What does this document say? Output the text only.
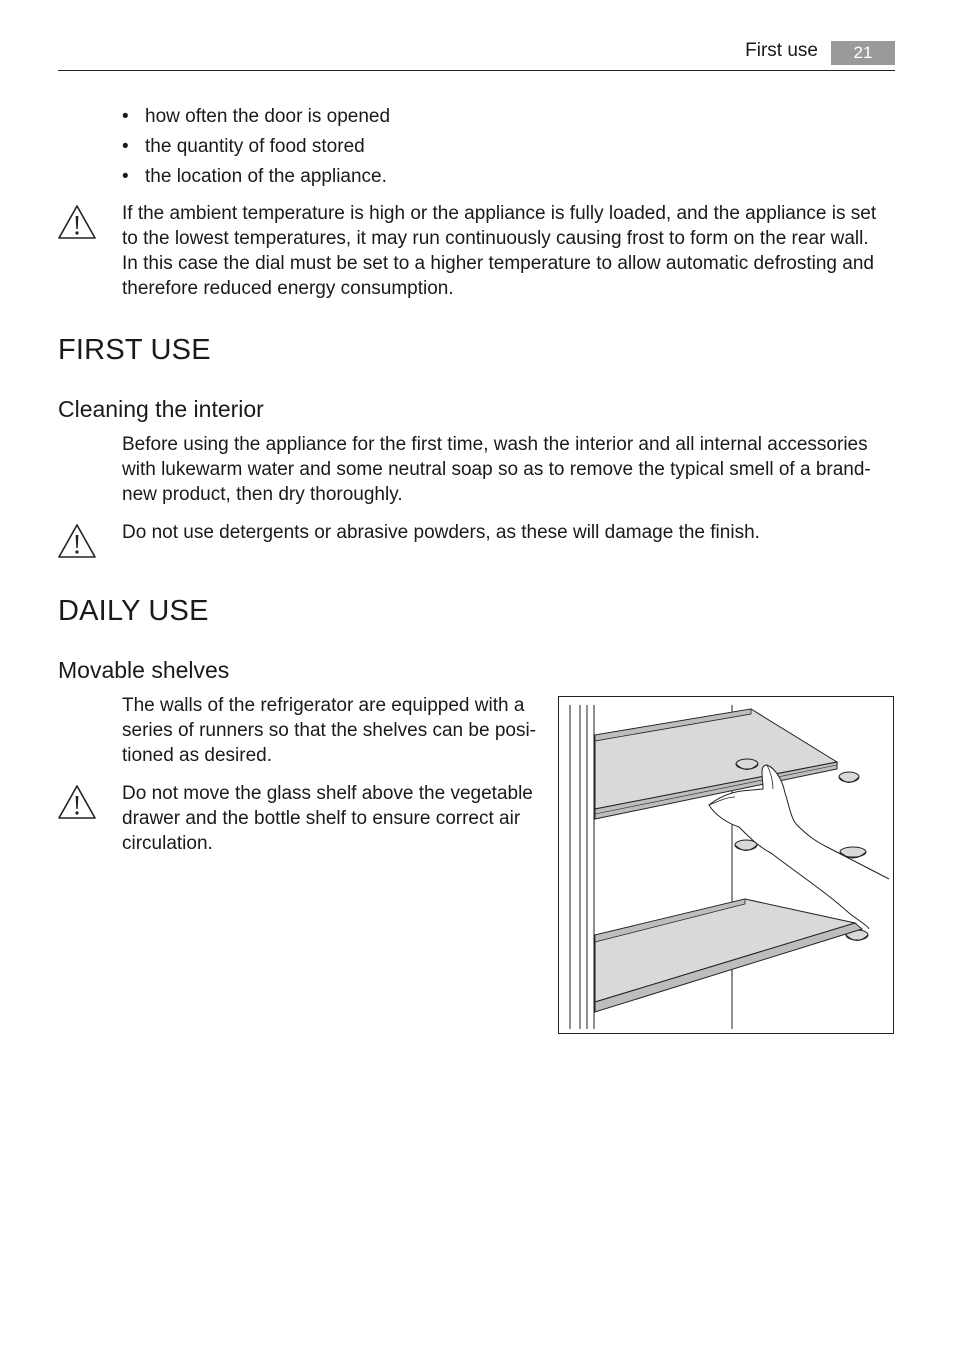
First use	21
• how often the door is opened
• the quantity of food stored
• the location of the appliance.
If the ambient temperature is high or the appliance is fully loaded, and the appliance is set
to the lowest temperatures, it may run continuously causing frost to form on the rear wall.
In this case the dial must be set to a higher temperature to allow automatic defrosting and
therefore reduced energy consumption.
FIRST USE
Cleaning the interior
Before using the appliance for the first time, wash the interior and all internal accessories
with lukewarm water and some neutral soap so as to remove the typical smell of a brand-
new product, then dry thoroughly.
Do not use detergents or abrasive powders, as these will damage the finish.
DAILY USE
Movable shelves
The walls of the refrigerator are equipped with a
series of runners so that the shelves can be posi-
tioned as desired.
Do not move the glass shelf above the vegetable
drawer and the bottle shelf to ensure correct air
circulation.
